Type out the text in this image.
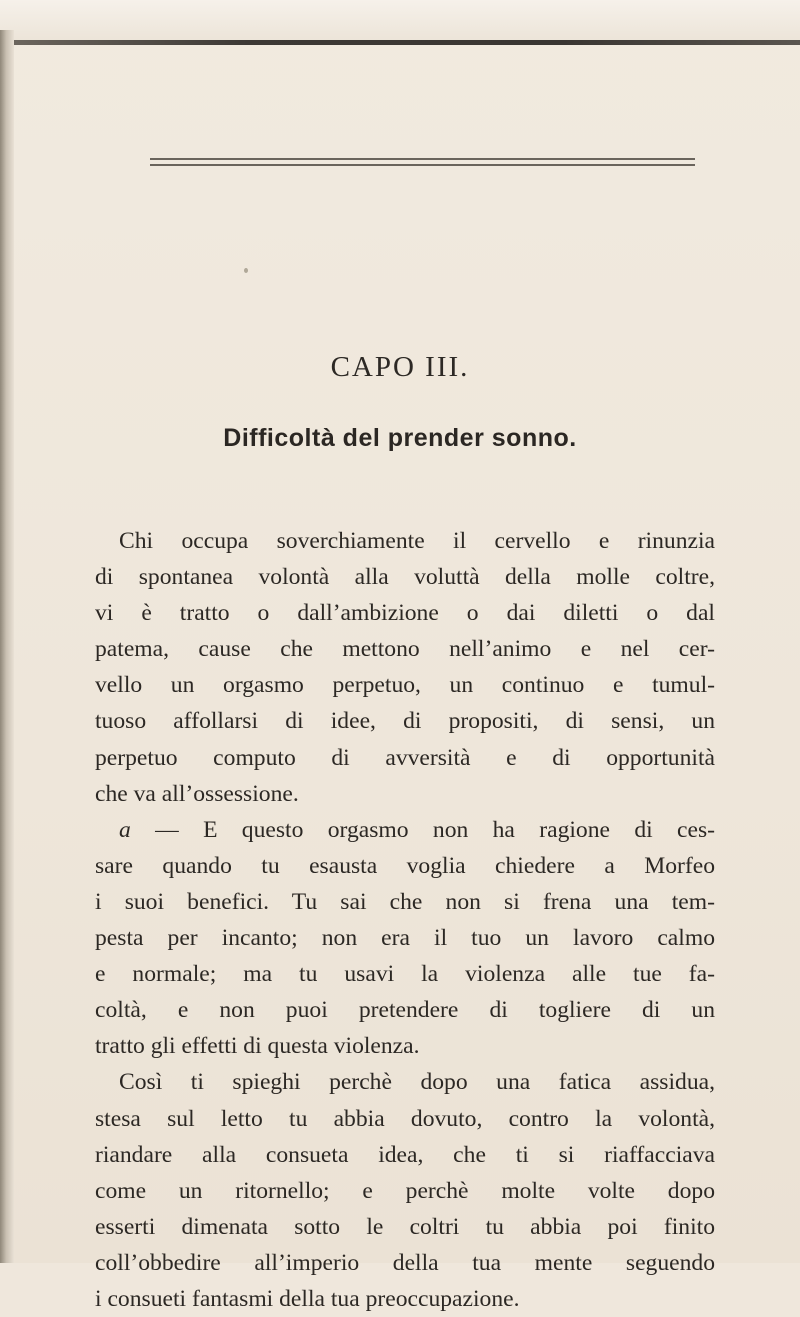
CAPO III.
Difficoltà del prender sonno.
Chi occupa soverchiamente il cervello e rinunzia
di spontanea volontà alla voluttà della molle coltre,
vi è tratto o dall’ambizione o dai diletti o dal
patema, cause che mettono nell’animo e nel cer-
vello un orgasmo perpetuo, un continuo e tumul-
tuoso affollarsi di idee, di propositi, di sensi, un
perpetuo computo di avversità e di opportunità
che va all’ossessione.
a — E questo orgasmo non ha ragione di ces-
sare quando tu esausta voglia chiedere a Morfeo
i suoi benefici. Tu sai che non si frena una tem-
pesta per incanto; non era il tuo un lavoro calmo
e normale; ma tu usavi la violenza alle tue fa-
coltà, e non puoi pretendere di togliere di un
tratto gli effetti di questa violenza.
Così ti spieghi perchè dopo una fatica assidua,
stesa sul letto tu abbia dovuto, contro la volontà,
riandare alla consueta idea, che ti si riaffacciava
come un ritornello; e perchè molte volte dopo
esserti dimenata sotto le coltri tu abbia poi finito
coll’obbedire all’imperio della tua mente seguendo
i consueti fantasmi della tua preoccupazione.
